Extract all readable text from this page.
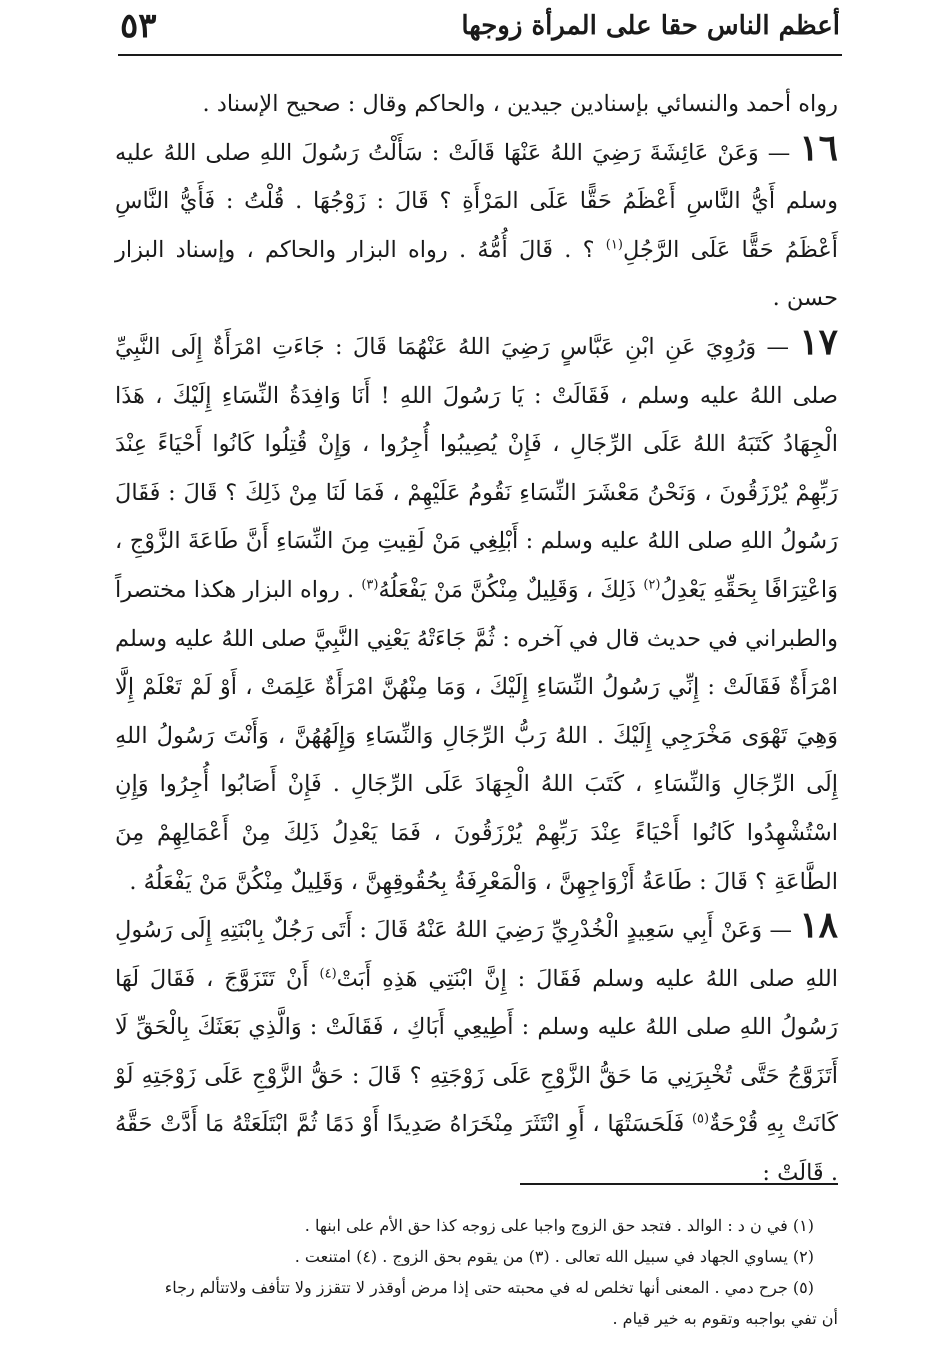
٥٣	أعظم الناس حقا على المرأة زوجها

رواه أحمد والنسائي بإسنادين جيدين ، والحاكم وقال : صحيح الإسناد .

١٦ — وَعَنْ عَائِشَةَ رَضِيَ اللهُ عَنْهَا قَالَتْ : سَأَلْتُ رَسُولَ اللهِ صلى اللهُ عليه وسلم أَيُّ النَّاسِ أَعْظَمُ حَقًّا عَلَى المَرْأَةِ ؟ قَالَ : زَوْجُهَا . قُلْتُ : فَأَيُّ النَّاسِ أَعْظَمُ حَقًّا عَلَى الرَّجُلِ$^{(١)}$ ؟ . قَالَ أُمُّهُ . رواه البزار والحاكم ، وإسناد البزار حسن .

١٧ — وَرُوِيَ عَنِ ابْنِ عَبَّاسٍ رَضِيَ اللهُ عَنْهُمَا قَالَ : جَاءَتِ امْرَأَةٌ إِلَى النَّبِيِّ صلى اللهُ عليه وسلم ، فَقَالَتْ : يَا رَسُولَ اللهِ ! أَنَا وَافِدَةُ النِّسَاءِ إِلَيْكَ ، هَذَا الْجِهَادُ كَتَبَهُ اللهُ عَلَى الرِّجَالِ ، فَإِنْ يُصِيبُوا أُجِرُوا ، وَإِنْ قُتِلُوا كَانُوا أَحْيَاءً عِنْدَ رَبِّهِمْ يُرْزَقُونَ ، وَنَحْنُ مَعْشَرَ النِّسَاءِ نَقُومُ عَلَيْهِمْ ، فَمَا لَنَا مِنْ ذَلِكَ ؟ قَالَ : فَقَالَ رَسُولُ اللهِ صلى اللهُ عليه وسلم : أَبْلِغِي مَنْ لَقِيتِ مِنَ النِّسَاءِ أَنَّ طَاعَةَ الزَّوْجِ ، وَاعْتِرَافًا بِحَقِّهِ يَعْدِلُ$^{(٢)}$ ذَلِكَ ، وَقَلِيلٌ مِنْكُنَّ مَنْ يَفْعَلُهُ$^{(٣)}$ . رواه البزار هكذا مختصراً والطبراني في حديث قال في آخره : ثُمَّ جَاءَتْهُ يَعْنِي النَّبِيَّ صلى اللهُ عليه وسلم امْرَأَةٌ فَقَالَتْ : إِنِّي رَسُولُ النِّسَاءِ إِلَيْكَ ، وَمَا مِنْهُنَّ امْرَأَةٌ عَلِمَتْ ، أَوْ لَمْ تَعْلَمْ إِلَّا وَهِيَ تَهْوَى مَخْرَجِي إِلَيْكَ . اللهُ رَبُّ الرِّجَالِ وَالنِّسَاءِ وَإِلَهُهُنَّ ، وَأَنْتَ رَسُولُ اللهِ إِلَى الرِّجَالِ وَالنِّسَاءِ ، كَتَبَ اللهُ الْجِهَادَ عَلَى الرِّجَالِ . فَإِنْ أَصَابُوا أُجِرُوا وَإِنِ اسْتُشْهِدُوا كَانُوا أَحْيَاءً عِنْدَ رَبِّهِمْ يُرْزَقُونَ ، فَمَا يَعْدِلُ ذَلِكَ مِنْ أَعْمَالِهِمْ مِنَ الطَّاعَةِ ؟ قَالَ : طَاعَةُ أَزْوَاجِهِنَّ ، وَالْمَعْرِفَةُ بِحُقُوقِهِنَّ ، وَقَلِيلٌ مِنْكُنَّ مَنْ يَفْعَلُهُ .

١٨ — وَعَنْ أَبِي سَعِيدٍ الْخُدْرِيِّ رَضِيَ اللهُ عَنْهُ قَالَ : أَتَى رَجُلٌ بِابْنَتِهِ إِلَى رَسُولِ اللهِ صلى اللهُ عليه وسلم فَقَالَ : إِنَّ ابْنَتِي هَذِهِ أَبَتْ$^{(٤)}$ أَنْ تَتَزَوَّجَ ، فَقَالَ لَهَا رَسُولُ اللهِ صلى اللهُ عليه وسلم : أَطِيعِي أَبَاكِ ، فَقَالَتْ : وَالَّذِي بَعَثَكَ بِالْحَقِّ لَا أَتَزَوَّجُ حَتَّى تُخْبِرَنِي مَا حَقُّ الزَّوْجِ عَلَى زَوْجَتِهِ ؟ قَالَ : حَقُّ الزَّوْجِ عَلَى زَوْجَتِهِ لَوْ كَانَتْ بِهِ قُرْحَةٌ$^{(٥)}$ فَلَحَسَتْهَا ، أَوِ انْتَثَرَ مِنْخَرَاهُ صَدِيدًا أَوْ دَمًا ثُمَّ ابْتَلَعَتْهُ مَا أَدَّتْ حَقَّهُ . قَالَتْ :

(١) في ن د : الوالد . فتجد حق الزوج واجبا على زوجه كذا حق الأم على ابنها .

(٢) يساوي الجهاد في سبيل الله تعالى . (٣) من يقوم بحق الزوج . (٤) امتنعت .

(٥) جرح دمي . المعنى أنها تخلص له في محبته حتى إذا مرض أوقذر لا تتقزز ولا تتأفف ولاتتألم رجاء

أن تفي بواجبه وتقوم به خير قيام .
